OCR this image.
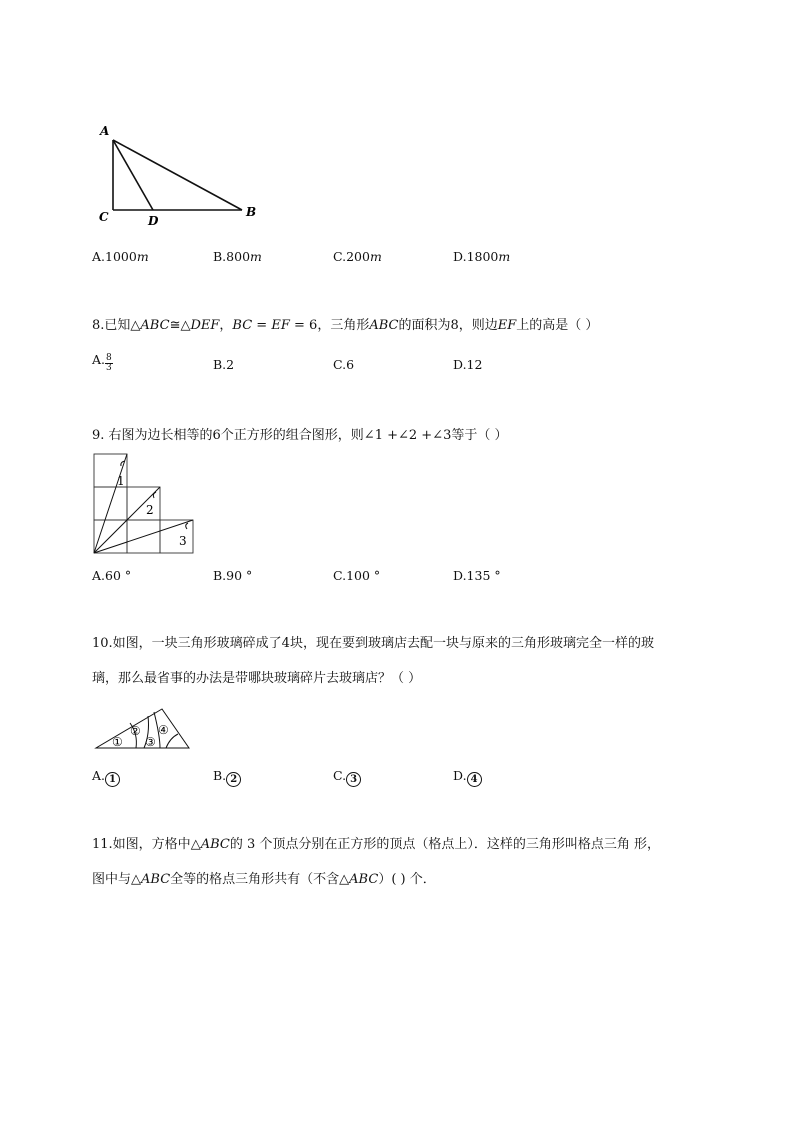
A
C	D
B
A.1000m	B.800m	C.200m	D.1800m
8.已知△ABC≅△DEF，BC = EF = 6，三角形ABC的面积为8，则边EF上的高是（ ）
A. $\frac{8}{3}$	B.2	C.6	D.12
9. 右图为边长相等的6个正方形的组合图形，则∠1 +∠2 +∠3等于（ ）
1
2
3
A.60 °	B.90 °	C.100 °	D.135 °
10.如图，一块三角形玻璃碎成了4块，现在要到玻璃店去配一块与原来的三角形玻璃完全一样的玻
璃，那么最省事的办法是带哪块玻璃碎片去玻璃店？（ ）
①
②
③
④
A. 1	B. 2	C. 3	D. 4
11.如图，方格中△ABC的 3 个顶点分别在正方形的顶点（格点上）．这样的三角形叫格点三角 形，
图中与△ABC全等的格点三角形共有（不含△ABC）( ) 个．
